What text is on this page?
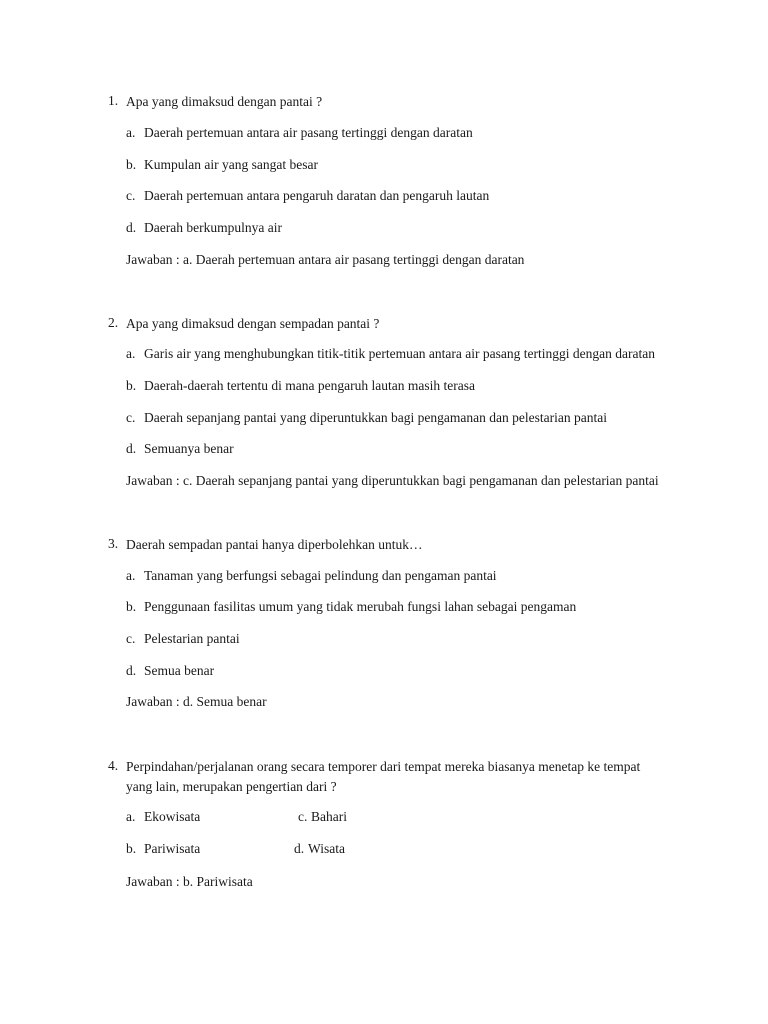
1. Apa yang dimaksud dengan pantai ?
a. Daerah pertemuan antara air pasang tertinggi dengan daratan
b. Kumpulan air yang sangat besar
c. Daerah pertemuan antara pengaruh daratan dan pengaruh lautan
d. Daerah berkumpulnya air
Jawaban : a. Daerah pertemuan antara air pasang tertinggi dengan daratan
2. Apa yang dimaksud dengan sempadan pantai ?
a. Garis air yang menghubungkan titik-titik pertemuan antara air pasang tertinggi dengan daratan
b. Daerah-daerah tertentu di mana pengaruh lautan masih terasa
c. Daerah sepanjang pantai yang diperuntukkan bagi pengamanan dan pelestarian pantai
d. Semuanya benar
Jawaban : c. Daerah sepanjang pantai yang diperuntukkan bagi pengamanan dan pelestarian pantai
3. Daerah sempadan pantai hanya diperbolehkan untuk…
a. Tanaman yang berfungsi sebagai pelindung dan pengaman pantai
b. Penggunaan fasilitas umum yang tidak merubah fungsi lahan sebagai pengaman
c. Pelestarian pantai
d. Semua benar
Jawaban : d. Semua benar
4. Perpindahan/perjalanan orang secara temporer dari tempat mereka biasanya menetap ke tempat yang lain, merupakan pengertian dari ?
a. Ekowisata	c. Bahari
b. Pariwisata	d. Wisata
Jawaban : b. Pariwisata
